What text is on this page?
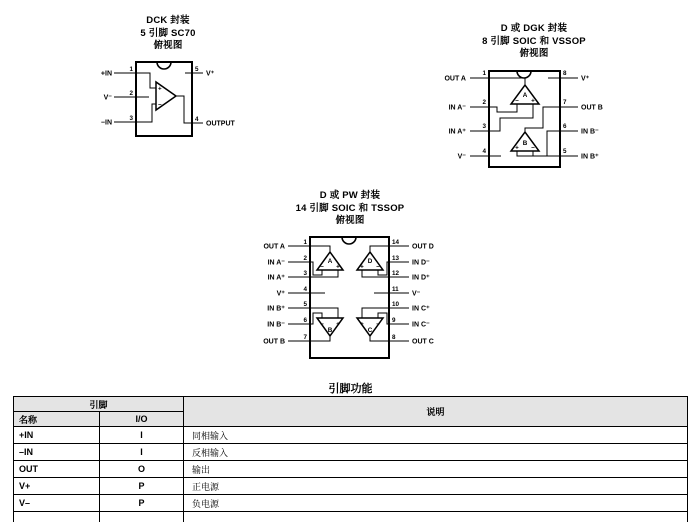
DCK 封装
5 引脚 SC70
俯视图
D 或 DGK 封装
8 引脚 SOIC 和 VSSOP
俯视图
D 或 PW 封装
14 引脚 SOIC 和 TSSOP
俯视图
+
−
1
2
3
5
4
+IN
V⁻
−IN
V⁺
OUTPUT
A
− +
B
+ −
1
2
3
4
8
7
6
5
OUT A
IN A⁻
IN A⁺
V⁻
V⁺
OUT B
IN B⁻
IN B⁺
A
− +
D
+ −
B
− +
C
+ −
1
2
3
4
5
6
7
14
13
12
11
10
9
8
OUT A
IN A⁻
IN A⁺
V⁺
IN B⁺
IN B⁻
OUT B
OUT D
IN D⁻
IN D⁺
V⁻
IN C⁺
IN C⁻
OUT C
引脚功能
引脚		说明
名称	I/O	
+IN	I	同相输入
–IN	I	反相输入
OUT	O	输出
V+	P	正电源
V–	P	负电源
